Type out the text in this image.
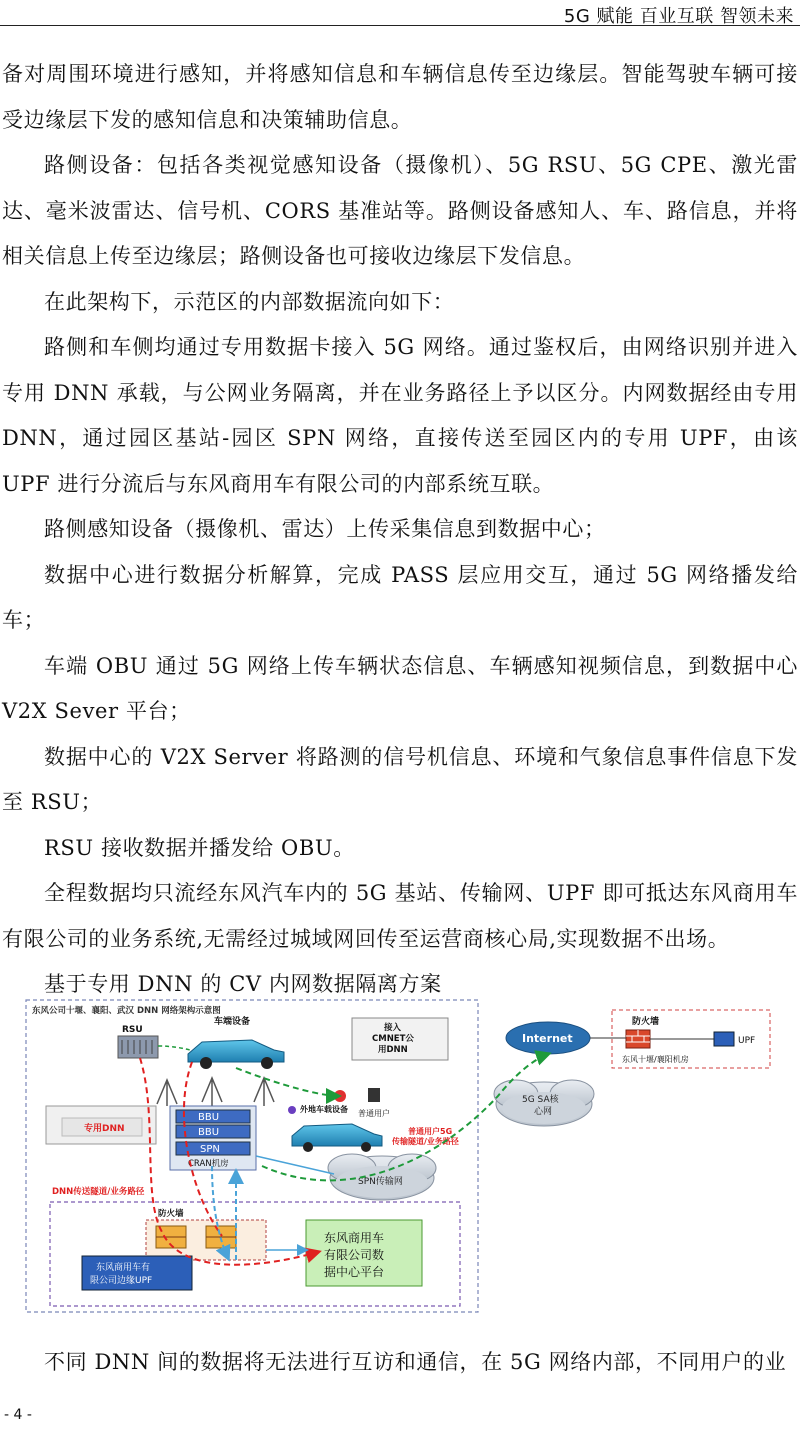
5G 赋能 百业互联 智领未来

备对周围环境进行感知，并将感知信息和车辆信息传至边缘层。智能驾驶车辆可接受边缘层下发的感知信息和决策辅助信息。

路侧设备：包括各类视觉感知设备（摄像机）、5G RSU、5G CPE、激光雷达、毫米波雷达、信号机、CORS 基准站等。路侧设备感知人、车、路信息，并将相关信息上传至边缘层；路侧设备也可接收边缘层下发信息。

在此架构下，示范区的内部数据流向如下：

路侧和车侧均通过专用数据卡接入 5G 网络。通过鉴权后，由网络识别并进入专用 DNN 承载，与公网业务隔离，并在业务路径上予以区分。内网数据经由专用 DNN，通过园区基站-园区 SPN 网络，直接传送至园区内的专用 UPF，由该 UPF 进行分流后与东风商用车有限公司的内部系统互联。

路侧感知设备（摄像机、雷达）上传采集信息到数据中心；

数据中心进行数据分析解算，完成 PASS 层应用交互，通过 5G 网络播发给车；

车端 OBU 通过 5G 网络上传车辆状态信息、车辆感知视频信息，到数据中心 V2X Sever 平台；

数据中心的 V2X Server 将路测的信号机信息、环境和气象信息事件信息下发至 RSU；

RSU 接收数据并播发给 OBU。

全程数据均只流经东风汽车内的 5G 基站、传输网、UPF 即可抵达东风商用车有限公司的业务系统,无需经过城域网回传至运营商核心局,实现数据不出场。

基于专用 DNN 的 CV 内网数据隔离方案

东风公司十堰、襄阳、武汉 DNN 网络架构示意图
RSU
车端设备
接入
CMNET公
用DNN
普通用户
专用DNN
BBU
BBU
SPN
CRAN机房
外地车载设备
SPN传输网
Internet
5G SA核
心网
普通用户5G
传输隧道/业务路径
防火墙
UPF
东风十堰/襄阳机房
DNN传送隧道/业务路径
防火墙
东风商用车有
限公司边缘UPF
东风商用车
有限公司数
据中心平台
不同 DNN 间的数据将无法进行互访和通信，在 5G 网络内部，不同用户的业
- 4 -
